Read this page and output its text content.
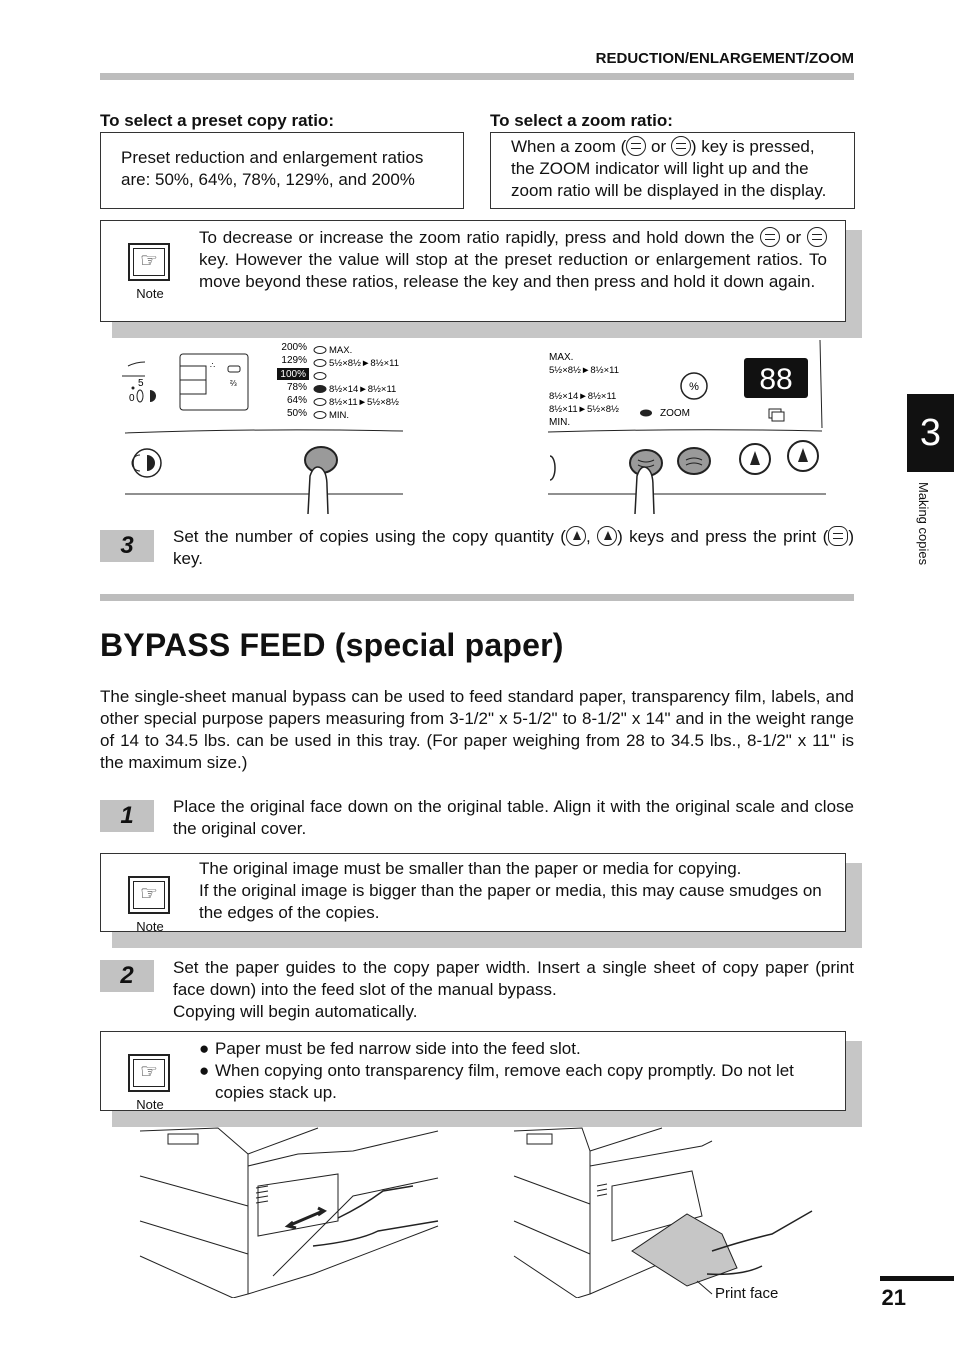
REDUCTION/ENLARGEMENT/ZOOM
To select a preset copy ratio:	To select a zoom ratio:
Preset reduction and enlargement ratios are: 50%, 64%, 78%, 129%, and 200%
When a zoom ( or ) key is pressed, the ZOOM indicator will light up and the zoom ratio will be displayed in the display.
☞
Note
To decrease or increase the zoom ratio rapidly, press and hold down the  or  key. However the value will stop at the preset reduction or enlargement ratios. To move beyond these ratios, release the key and then press and hold it down again.
5
0
∴
⅔
200%
129%
100%
78%
64%
50%
MAX.
5½×8½►8½×11
8½×14►8½×11
8½×11►5½×8½
MIN.
MAX.
5½×8½►8½×11
8½×14►8½×11
8½×11►5½×8½
MIN.
%
ZOOM
88
3	Set the number of copies using the copy quantity ( , ) keys and press the print ( ) key.
BYPASS FEED (special paper)
The single-sheet manual bypass can be used to feed standard paper, transparency film, labels, and other special purpose papers measuring from 3-1/2" x 5-1/2" to 8-1/2" x 14" and in the weight range of 14 to 34.5 lbs. can be used in this tray. (For paper weighing from 28 to 34.5 lbs., 8-1/2" x 11" is the maximum size.)
1	Place the original face down on the original table. Align it with the original scale and close the original cover.
☞
Note
The original image must be smaller than the paper or media for copying.
If the original image is bigger than the paper or media, this may cause smudges on the edges of the copies.
2	Set the paper guides to the copy paper width. Insert a single sheet of copy paper (print face down) into the feed slot of the manual bypass.
Copying will begin automatically.
☞
Note
● Paper must be fed narrow side into the feed slot.
● When copying onto transparency film, remove each copy promptly. Do not let copies stack up.
Print face
3
Making copies
21
